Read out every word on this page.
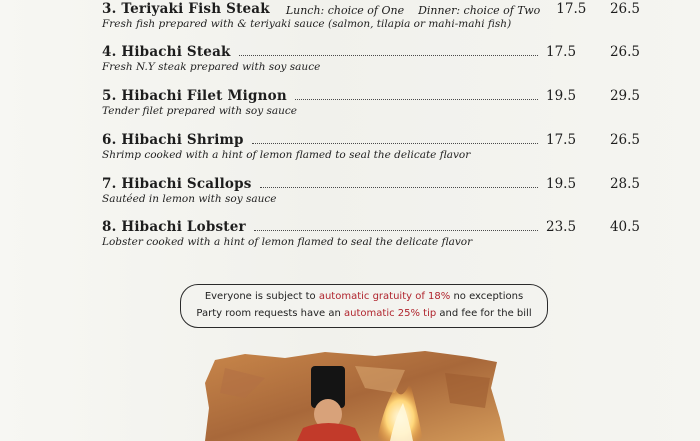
3. Teriyaki Fish Steak Lunch: choice of One    Dinner: choice of Two 17.5	26.5
Fresh fish prepared with & teriyaki sauce (salmon, tilapia or mahi-mahi fish)
4. Hibachi Steak	17.5	26.5
Fresh N.Y steak prepared with soy sauce
5. Hibachi Filet Mignon	19.5	29.5
Tender filet prepared with soy sauce
6. Hibachi Shrimp	17.5	26.5
Shrimp cooked with a hint of lemon flamed to seal the delicate flavor
7. Hibachi Scallops	19.5	28.5
Sautéed in lemon with soy sauce
8. Hibachi Lobster	23.5	40.5
Lobster cooked with a hint of lemon flamed to seal the delicate flavor
Everyone is subject to automatic gratuity of 18% no exceptions
Party room requests have an automatic 25% tip and fee for the bill
